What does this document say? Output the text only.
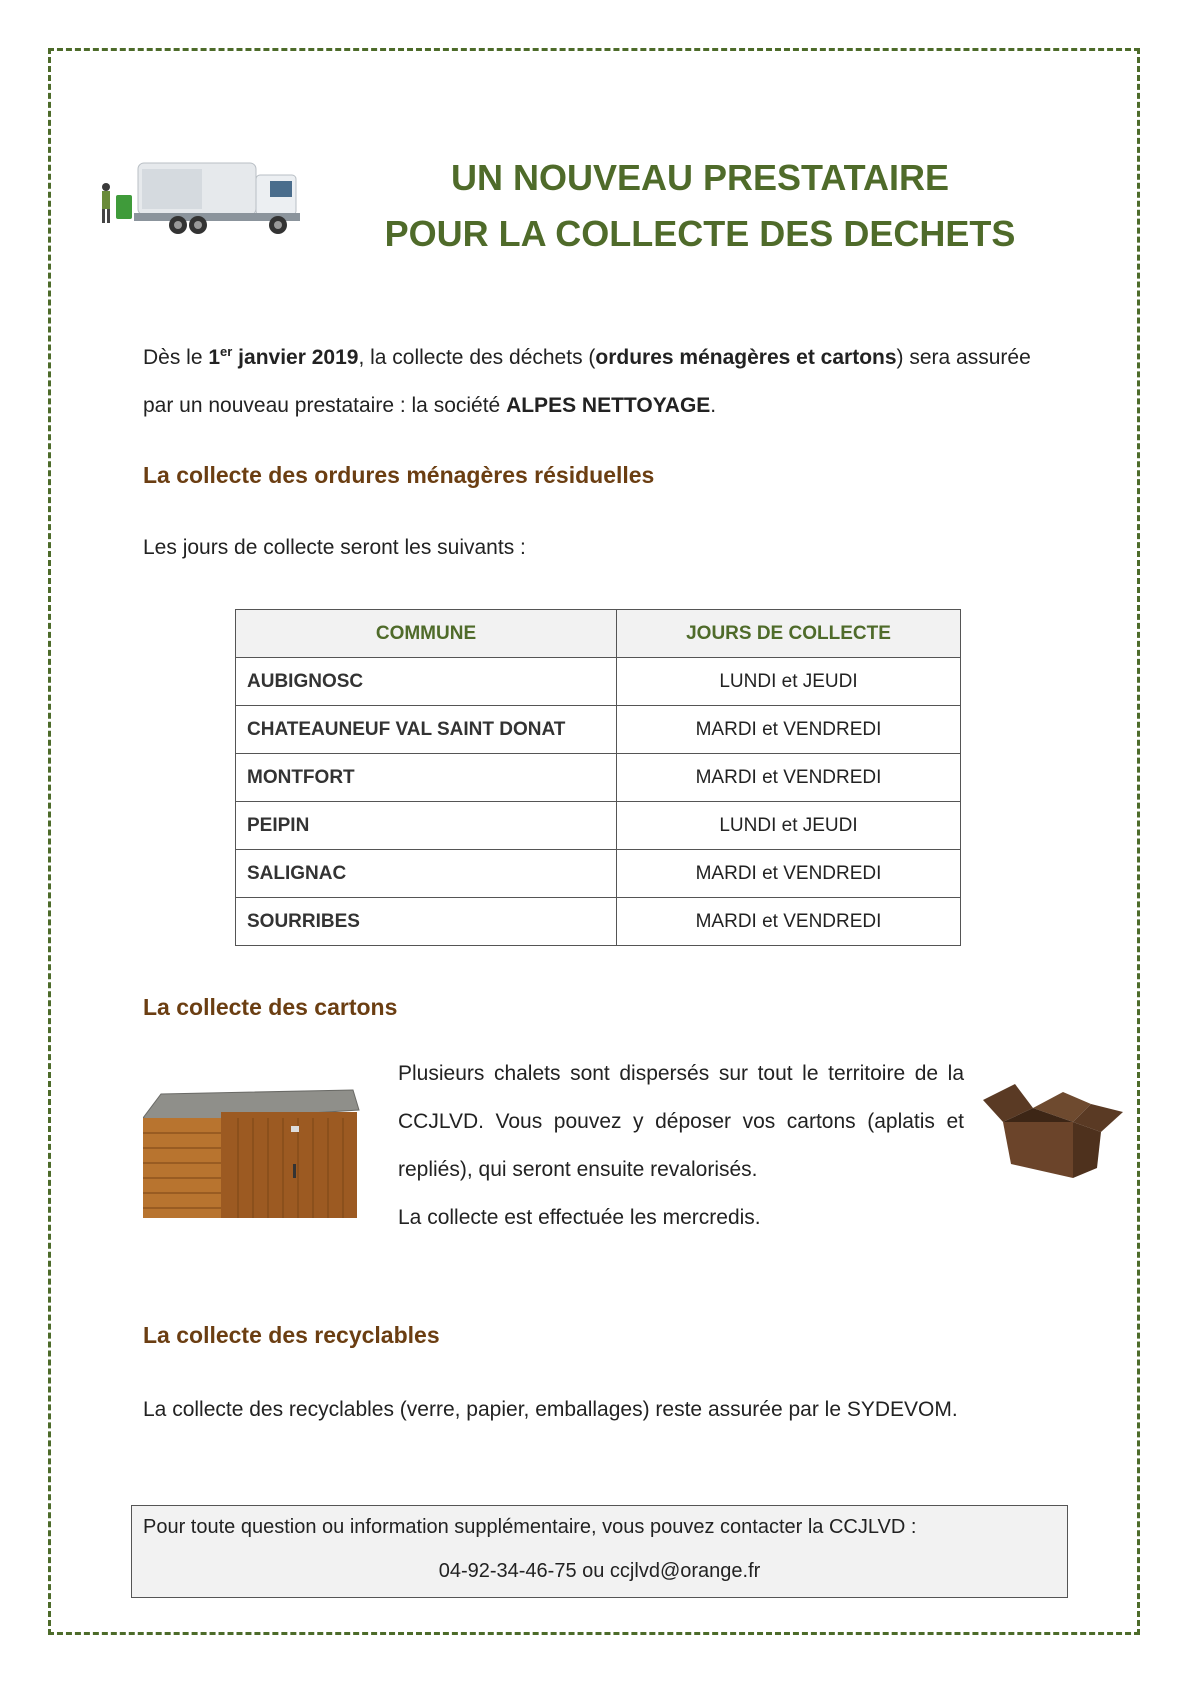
UN NOUVEAU PRESTATAIRE
POUR LA COLLECTE DES DECHETS
Dès le 1er janvier 2019, la collecte des déchets (ordures ménagères et cartons) sera assurée par un nouveau prestataire : la société ALPES NETTOYAGE.
La collecte des ordures ménagères résiduelles
Les jours de collecte seront les suivants :
COMMUNE	JOURS DE COLLECTE
AUBIGNOSC	LUNDI et JEUDI
CHATEAUNEUF VAL SAINT DONAT	MARDI et VENDREDI
MONTFORT	MARDI et VENDREDI
PEIPIN	LUNDI et JEUDI
SALIGNAC	MARDI et VENDREDI
SOURRIBES	MARDI et VENDREDI
La collecte des cartons
Plusieurs chalets sont dispersés sur tout le territoire de la CCJLVD. Vous pouvez y déposer vos cartons (aplatis et repliés), qui seront ensuite revalorisés.
La collecte est effectuée les mercredis.
La collecte des recyclables
La collecte des recyclables (verre, papier, emballages) reste assurée par le SYDEVOM.
Pour toute question ou information supplémentaire, vous pouvez contacter la CCJLVD :
04-92-34-46-75 ou ccjlvd@orange.fr
